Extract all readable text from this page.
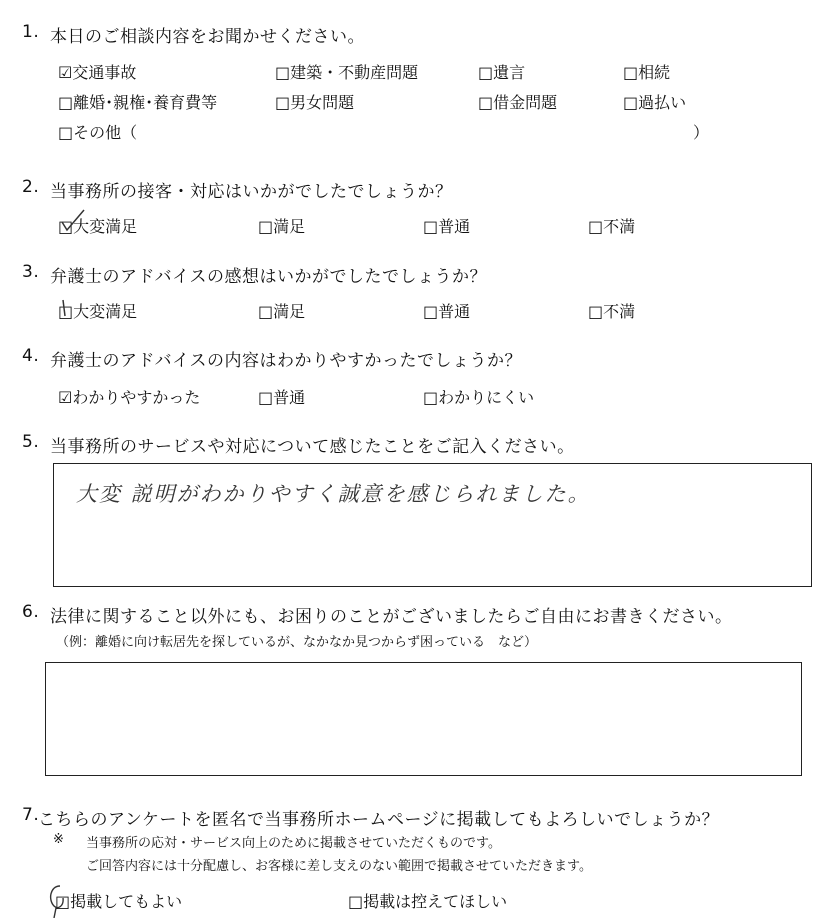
1. 本日のご相談内容をお聞かせください。
☑交通事故	□建築・不動産問題	□遺言	□相続
□離婚･親権･養育費等	□男女問題	□借金問題	□過払い
□その他（	）
2. 当事務所の接客・対応はいかがでしたでしょうか？
□大変満足	□満足	□普通	□不満
3. 弁護士のアドバイスの感想はいかがでしたでしょうか？
□大変満足	□満足	□普通	□不満
4. 弁護士のアドバイスの内容はわかりやすかったでしょうか？
☑わかりやすかった	□普通	□わかりにくい
5. 当事務所のサービスや対応について感じたことをご記入ください。
大変 説明がわかりやすく誠意を感じられました。
6. 法律に関すること以外にも、お困りのことがございましたらご自由にお書きください。
（例：離婚に向け転居先を探しているが、なかなか見つからず困っている　など）
7.
こちらのアンケートを匿名で当事務所ホームページに掲載してもよろしいでしょうか？
※ 当事務所の応対・サービス向上のために掲載させていただくものです。
ご回答内容には十分配慮し、お客様に差し支えのない範囲で掲載させていただきます。
□掲載してもよい	□掲載は控えてほしい
